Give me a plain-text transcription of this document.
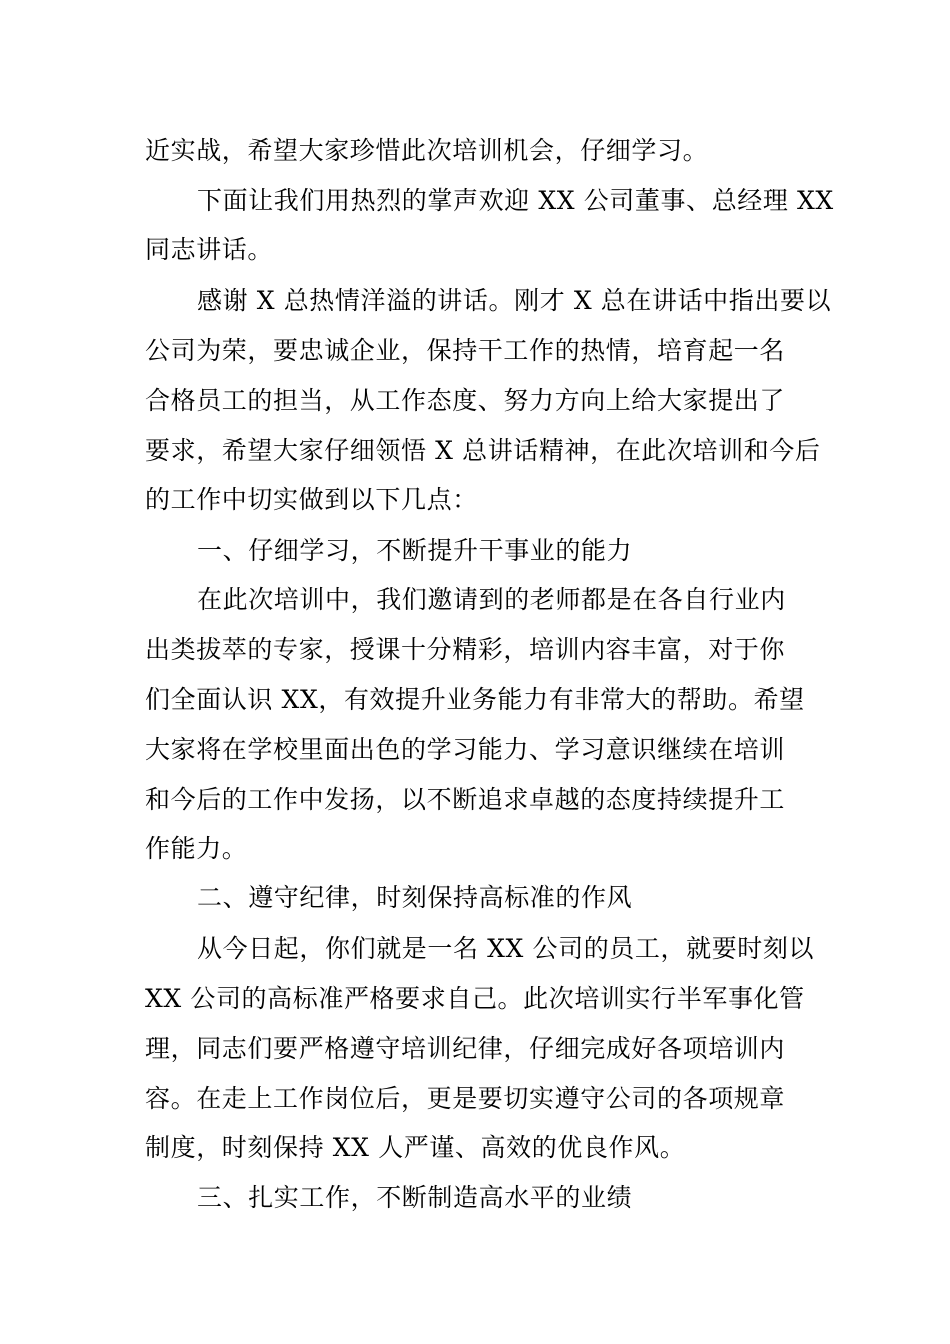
近实战，希望大家珍惜此次培训机会，仔细学习。
下面让我们用热烈的掌声欢迎 XX 公司董事、总经理 XX
同志讲话。
感谢 X 总热情洋溢的讲话。刚才 X 总在讲话中指出要以
公司为荣，要忠诚企业，保持干工作的热情，培育起一名
合格员工的担当，从工作态度、努力方向上给大家提出了
要求，希望大家仔细领悟 X 总讲话精神，在此次培训和今后
的工作中切实做到以下几点：
一、仔细学习，不断提升干事业的能力
在此次培训中，我们邀请到的老师都是在各自行业内
出类拔萃的专家，授课十分精彩，培训内容丰富，对于你
们全面认识 XX，有效提升业务能力有非常大的帮助。希望
大家将在学校里面出色的学习能力、学习意识继续在培训
和今后的工作中发扬，以不断追求卓越的态度持续提升工
作能力。
二、遵守纪律，时刻保持高标准的作风
从今日起，你们就是一名 XX 公司的员工，就要时刻以
XX 公司的高标准严格要求自己。此次培训实行半军事化管
理，同志们要严格遵守培训纪律，仔细完成好各项培训内
容。在走上工作岗位后，更是要切实遵守公司的各项规章
制度，时刻保持 XX 人严谨、高效的优良作风。
三、扎实工作，不断制造高水平的业绩
